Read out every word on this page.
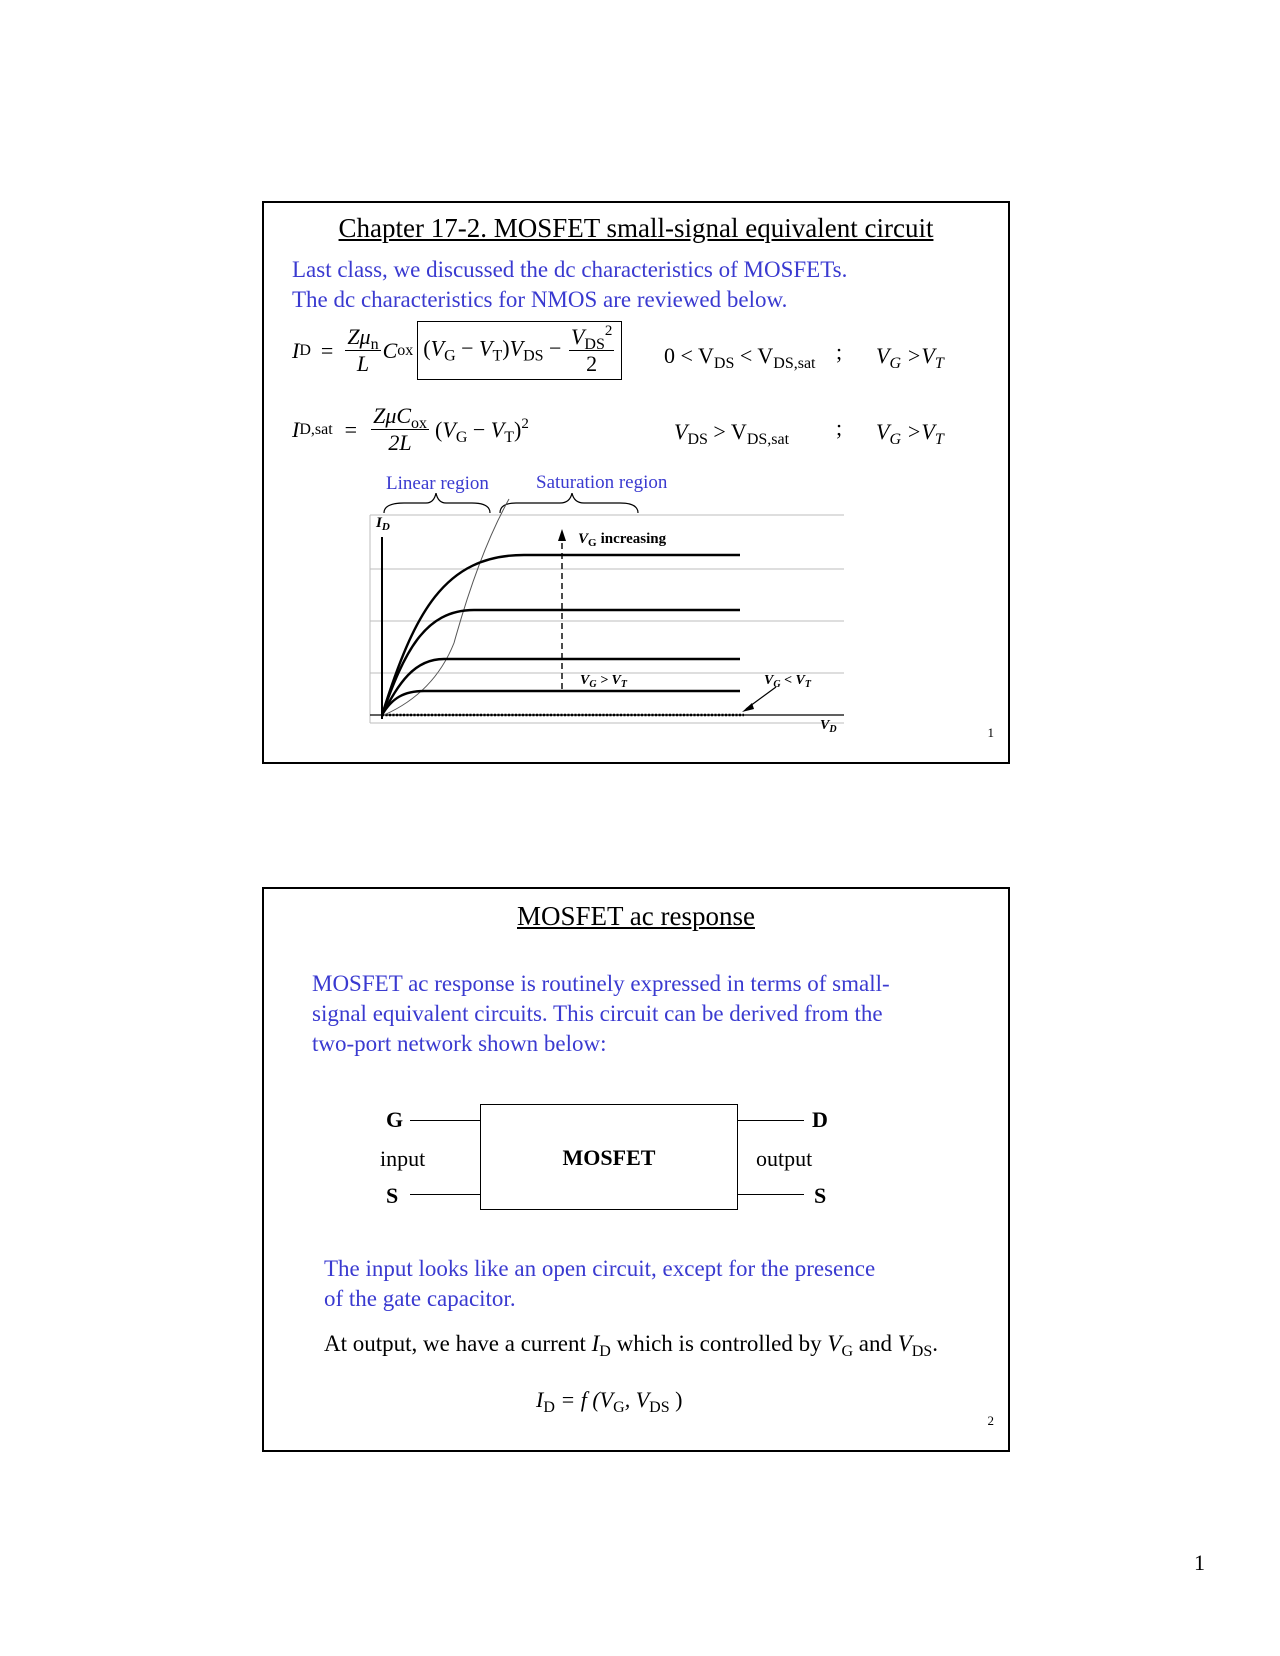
Chapter 17-2. MOSFET small-signal equivalent circuit
Last class, we discussed the dc characteristics of MOSFETs.
The dc characteristics for NMOS are reviewed below.
I $D = \frac{Z\mu_n}{L}$ C ox $(V_G - V_T)V_{DS} - \frac{V_{DS}^2}{2} 0 < V_{DS} < V_{DS,sat}$ ; $V_G >V_T$
I $D,sat = \frac{Z\mu C_{ox}}{2L} (V_G - V_T)^2$	$V_{DS} > V_{DS,sat}$ ; $V_G >V_T$
Linear region Saturation region
$I_D$
$V_G$ increasing
$V_G > V_T$	$V_G < V_T$
$V_D$	1
MOSFET ac response
MOSFET ac response is routinely expressed in terms of small-
signal equivalent circuits. This circuit can be derived from the
two-port network shown below:
G
input
S
MOSFET
D
output
S
The input looks like an open circuit, except for the presence
of the gate capacitor.
At output, we have a current $I_D$ which is controlled by $V_G$ and $V_{DS}$.
$I_D = f$ ($V_G$, $V_{DS}$ )
2
1
